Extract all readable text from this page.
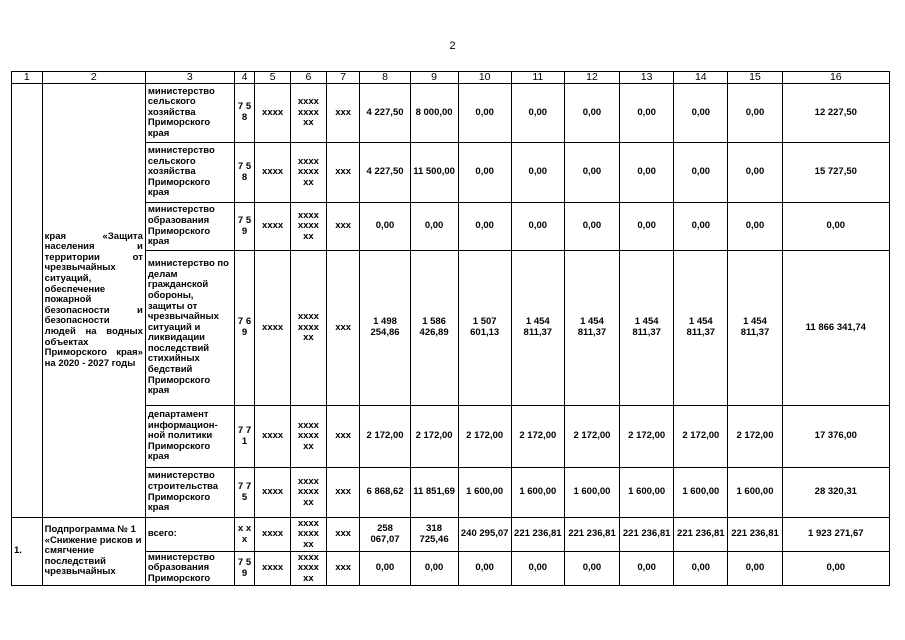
2
1	2	3	4	5	6	7	8	9	10	11	12	13	14	15	16
	края «Защита населения и территории от чрезвычайных ситуаций, обеспечение пожарной безопасности и безопасности людей на водных объектах Приморского края» на 2020 - 2027 годы	министерство сельского хозяйства Приморского края	7 5 8	хххх	хххх хххх хх	ххх	4 227,50	8 000,00	0,00	0,00	0,00	0,00	0,00	0,00	12 227,50
		министерство сельского хозяйства Приморского края	7 5 8	хххх	хххх хххх хх	ххх	4 227,50	11 500,00	0,00	0,00	0,00	0,00	0,00	0,00	15 727,50
		министерство образования Приморского края	7 5 9	хххх	хххх хххх хх	ххх	0,00	0,00	0,00	0,00	0,00	0,00	0,00	0,00	0,00
		министерство по делам гражданской обороны, защиты от чрезвычайных ситуаций и ликвидации последствий стихийных бедствий Приморского края	7 6 9	хххх	хххх хххх хх	ххх	1 498 254,86	1 586 426,89	1 507 601,13	1 454 811,37	1 454 811,37	1 454 811,37	1 454 811,37	1 454 811,37	11 866 341,74
		департамент информацион- ной политики Приморского края	7 7 1	хххх	хххх хххх хх	ххх	2 172,00	2 172,00	2 172,00	2 172,00	2 172,00	2 172,00	2 172,00	2 172,00	17 376,00
		министерство строительства Приморского края	7 7 5	хххх	хххх хххх хх	ххх	6 868,62	11 851,69	1 600,00	1 600,00	1 600,00	1 600,00	1 600,00	1 600,00	28 320,31
1.	Подпрограмма № 1 «Снижение рисков и смягчение последствий чрезвычайных	всего:	х х х	хххх	хххх хххх хх	ххх	258 067,07	318 725,46	240 295,07	221 236,81	221 236,81	221 236,81	221 236,81	221 236,81	1 923 271,67
		министерство образования Приморского	7 5 9	хххх	хххх хххх хх	ххх	0,00	0,00	0,00	0,00	0,00	0,00	0,00	0,00	0,00
